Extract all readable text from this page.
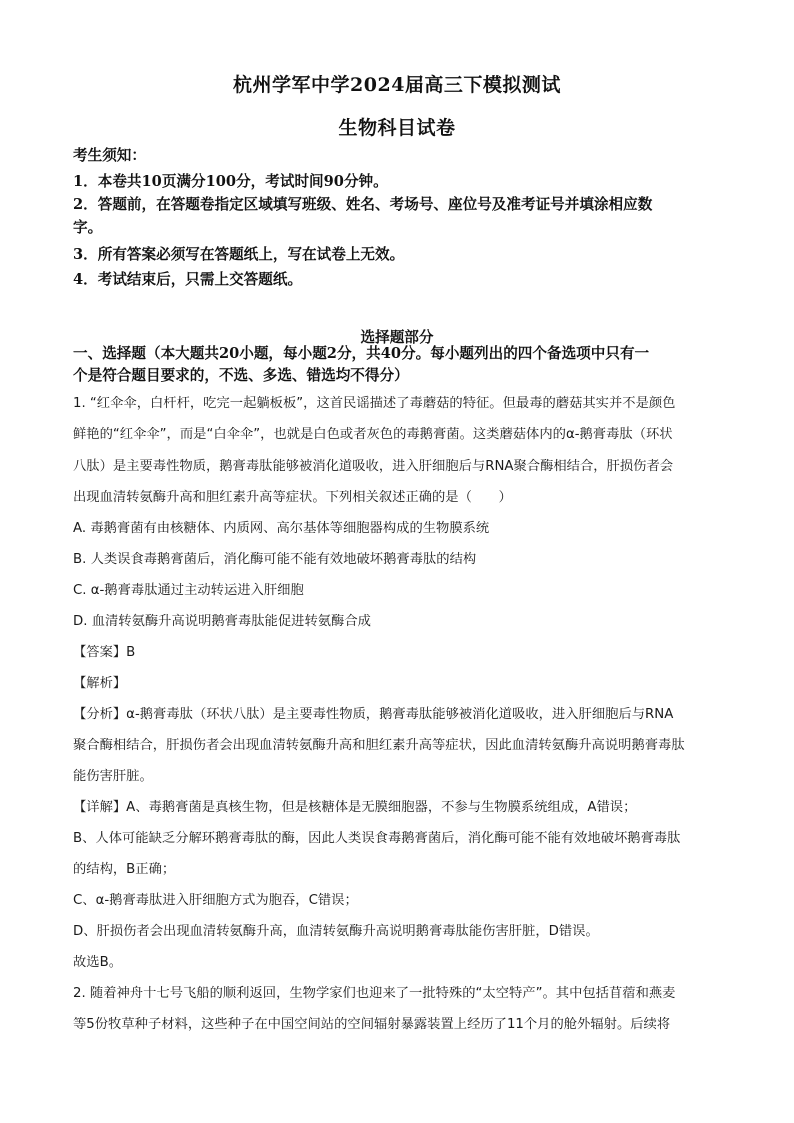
杭州学军中学2024届高三下模拟测试
生物科目试卷
考生须知：
1．本卷共10页满分100分，考试时间90分钟。
2．答题前，在答题卷指定区域填写班级、姓名、考场号、座位号及准考证号并填涂相应数
字。
3．所有答案必须写在答题纸上，写在试卷上无效。
4．考试结束后，只需上交答题纸。
选择题部分
一、选择题（本大题共20小题，每小题2分，共40分。每小题列出的四个备选项中只有一
个是符合题目要求的，不选、多选、错选均不得分）
1. “红伞伞，白杆杆，吃完一起躺板板”，这首民谣描述了毒蘑菇的特征。但最毒的蘑菇其实并不是颜色
鲜艳的“红伞伞”，而是“白伞伞”，也就是白色或者灰色的毒鹅膏菌。这类蘑菇体内的α-鹅膏毒肽（环状
八肽）是主要毒性物质，鹅膏毒肽能够被消化道吸收，进入肝细胞后与RNA聚合酶相结合，肝损伤者会
出现血清转氨酶升高和胆红素升高等症状。下列相关叙述正确的是（　　）
A. 毒鹅膏菌有由核糖体、内质网、高尔基体等细胞器构成的生物膜系统
B. 人类误食毒鹅膏菌后，消化酶可能不能有效地破坏鹅膏毒肽的结构
C. α-鹅膏毒肽通过主动转运进入肝细胞
D. 血清转氨酶升高说明鹅膏毒肽能促进转氨酶合成
【答案】B
【解析】
【分析】α-鹅膏毒肽（环状八肽）是主要毒性物质，鹅膏毒肽能够被消化道吸收，进入肝细胞后与RNA
聚合酶相结合，肝损伤者会出现血清转氨酶升高和胆红素升高等症状，因此血清转氨酶升高说明鹅膏毒肽
能伤害肝脏。
【详解】A、毒鹅膏菌是真核生物，但是核糖体是无膜细胞器，不参与生物膜系统组成，A错误；
B、人体可能缺乏分解环鹅膏毒肽的酶，因此人类误食毒鹅膏菌后，消化酶可能不能有效地破坏鹅膏毒肽
的结构，B正确；
C、α-鹅膏毒肽进入肝细胞方式为胞吞，C错误；
D、肝损伤者会出现血清转氨酶升高，血清转氨酶升高说明鹅膏毒肽能伤害肝脏，D错误。
故选B。
2. 随着神舟十七号飞船的顺利返回，生物学家们也迎来了一批特殊的“太空特产”。其中包括苜蓿和燕麦
等5份牧草种子材料，这些种子在中国空间站的空间辐射暴露装置上经历了11个月的舱外辐射。后续将
